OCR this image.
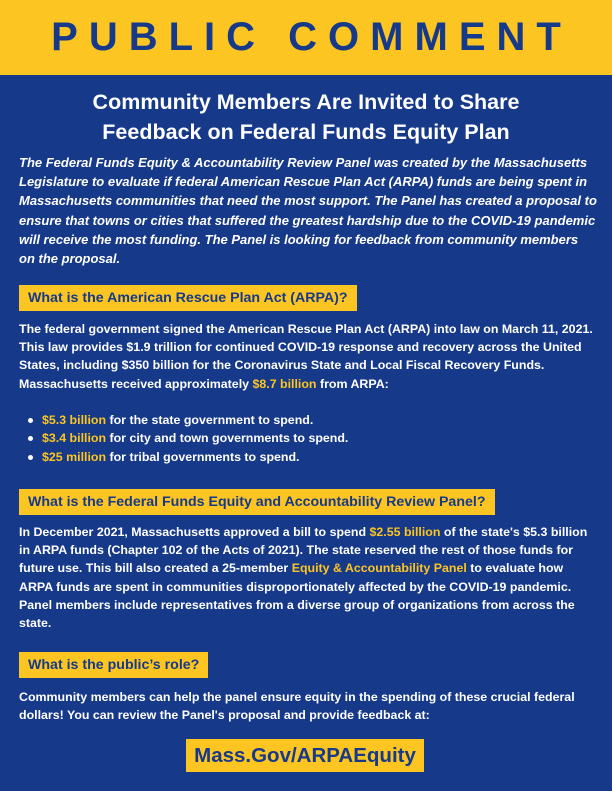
PUBLIC COMMENT
Community Members Are Invited to Share
Feedback on Federal Funds Equity Plan

The Federal Funds Equity & Accountability Review Panel was created by the Massachusetts Legislature to evaluate if federal American Rescue Plan Act (ARPA) funds are being spent in Massachusetts communities that need the most support. The Panel has created a proposal to ensure that towns or cities that suffered the greatest hardship due to the COVID-19 pandemic will receive the most funding. The Panel is looking for feedback from community members on the proposal.

What is the American Rescue Plan Act (ARPA)?

The federal government signed the American Rescue Plan Act (ARPA) into law on March 11, 2021. This law provides $1.9 trillion for continued COVID-19 response and recovery across the United States, including $350 billion for the Coronavirus State and Local Fiscal Recovery Funds. Massachusetts received approximately $8.7 billion from ARPA:

$5.3 billion for the state government to spend.
$3.4 billion for city and town governments to spend.
$25 million for tribal governments to spend.
What is the Federal Funds Equity and Accountability Review Panel?

In December 2021, Massachusetts approved a bill to spend $2.55 billion of the state's $5.3 billion in ARPA funds (Chapter 102 of the Acts of 2021). The state reserved the rest of those funds for future use. This bill also created a 25-member Equity & Accountability Panel to evaluate how ARPA funds are spent in communities disproportionately affected by the COVID-19 pandemic. Panel members include representatives from a diverse group of organizations from across the state.

What is the public’s role?

Community members can help the panel ensure equity in the spending of these crucial federal dollars! You can review the Panel's proposal and provide feedback at:

Mass.Gov/ARPAEquity
